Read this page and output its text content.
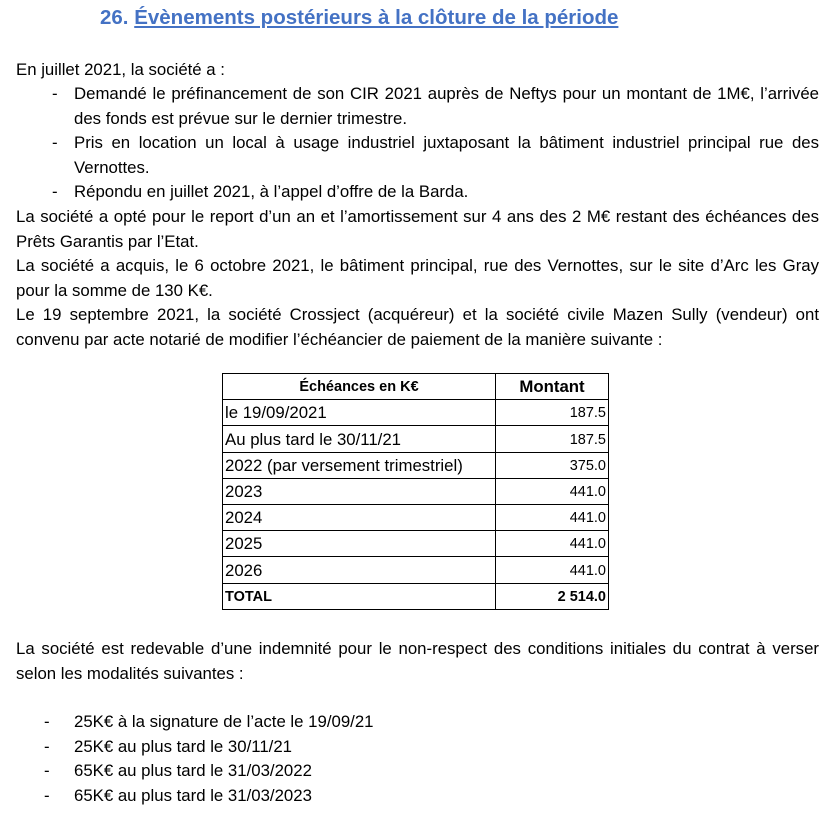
26. Évènements postérieurs à la clôture de la période
En juillet 2021, la société a :
- Demandé le préfinancement de son CIR 2021 auprès de Neftys pour un montant de 1M€, l’arrivée des fonds est prévue sur le dernier trimestre.
- Pris en location un local à usage industriel juxtaposant la bâtiment industriel principal rue des Vernottes.
- Répondu en juillet 2021, à l’appel d’offre de la Barda.
La société a opté pour le report d’un an et l’amortissement sur 4 ans des 2 M€ restant des échéances des Prêts Garantis par l’Etat.
La société a acquis, le 6 octobre 2021, le bâtiment principal, rue des Vernottes, sur le site d’Arc les Gray pour la somme de 130 K€.
Le 19 septembre 2021, la société Crossject (acquéreur) et la société civile Mazen Sully (vendeur) ont convenu par acte notarié de modifier l’échéancier de paiement de la manière suivante :
Échéances en K€	Montant
le 19/09/2021	187.5
Au plus tard le 30/11/21	187.5
2022 (par versement trimestriel)	375.0
2023	441.0
2024	441.0
2025	441.0
2026	441.0
TOTAL	2 514.0
La société est redevable d’une indemnité pour le non-respect des conditions initiales du contrat à verser selon les modalités suivantes :
- 25K€ à la signature de l’acte le 19/09/21
- 25K€ au plus tard le 30/11/21
- 65K€ au plus tard le 31/03/2022
- 65K€ au plus tard le 31/03/2023
